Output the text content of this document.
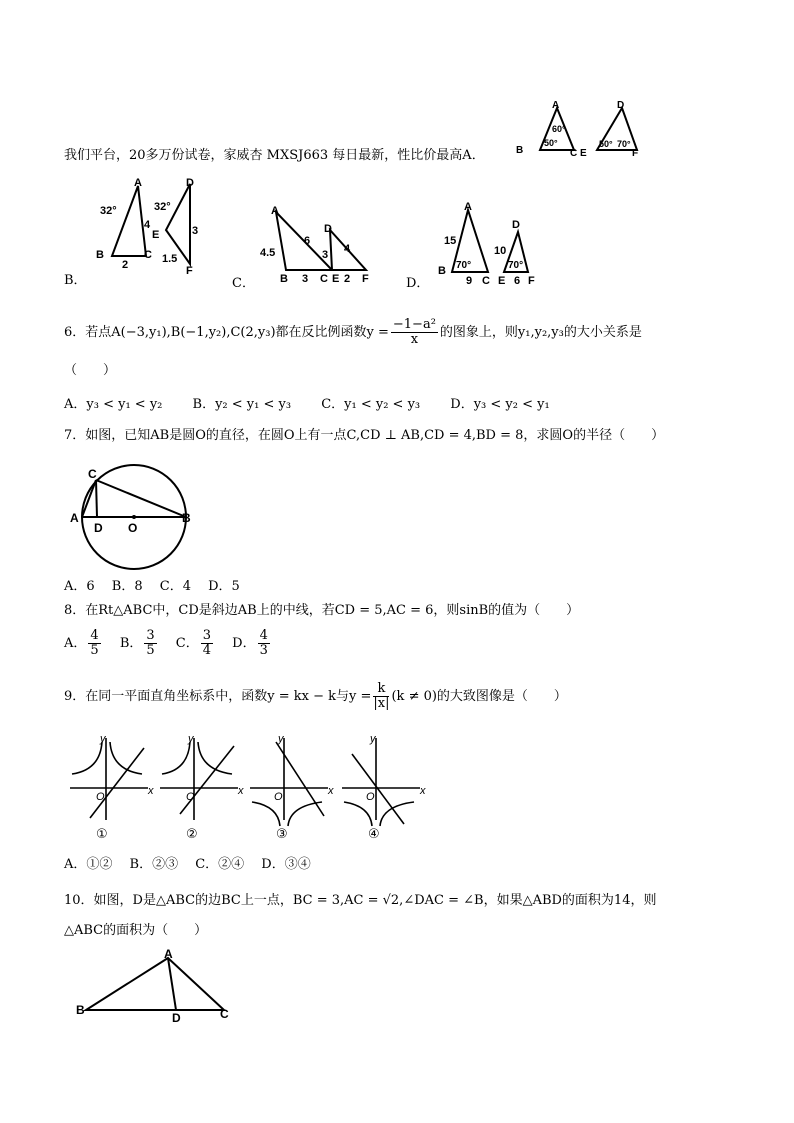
我们平台，20多万份试卷，家威杏 MXSJ663 每日最新，性比价最高A．
A
B	C
60°
50°
D
E	F
50° 70°
A
B	C
D
E
F
32°	32°
4
2
3
1.5
B．
A
B	C
D
E F
4.5
6
3
4
3
2
C．
A
B
C
D
E F
15
9
70°
10
6
70°
D．
6．若点A(−3,y₁),B(−1,y₂),C(2,y₃)都在反比例函数$y = \frac{\text{−1−a²}}{x}$ 的图象上，则y₁,y₂,y₃的大小关系是
（　　）
A．y₃ < y₁ < y₂　　 B．y₂ < y₁ < y₃　　 C．y₁ < y₂ < y₃　　 D．y₃ < y₂ < y₁
7．如图，已知AB是圆O的直径，在圆O上有一点C,CD ⊥ AB,CD = 4,BD = 8，求圆O的半径（　　）
C
A
D O
B
A．6　 B．8　 C．4　 D．5
8．在Rt△ABC中，CD是斜边AB上的中线，若CD = 5,AC = 6，则sinB的值为（　　）
A． $\frac{4}{5}$
　 B． $\frac{3}{5}$
　 C． $\frac{3}{4}$
　 D． $\frac{4}{3}$
9．在同一平面直角坐标系中，函数y = kx − k与$y = \frac{k}{|x|} (k \ne 0)$的大致图像是（　　）
y
x
O
y
x
O
y
x
O
y
x
O
①	②	③	④
A．①②　 B．②③　 C．②④　 D．③④
10．如图，D是△ABC的边BC上一点，BC = 3,AC = √2,∠DAC = ∠B，如果△ABD的面积为14，则
△ABC的面积为（　　）
A
B
D	C
